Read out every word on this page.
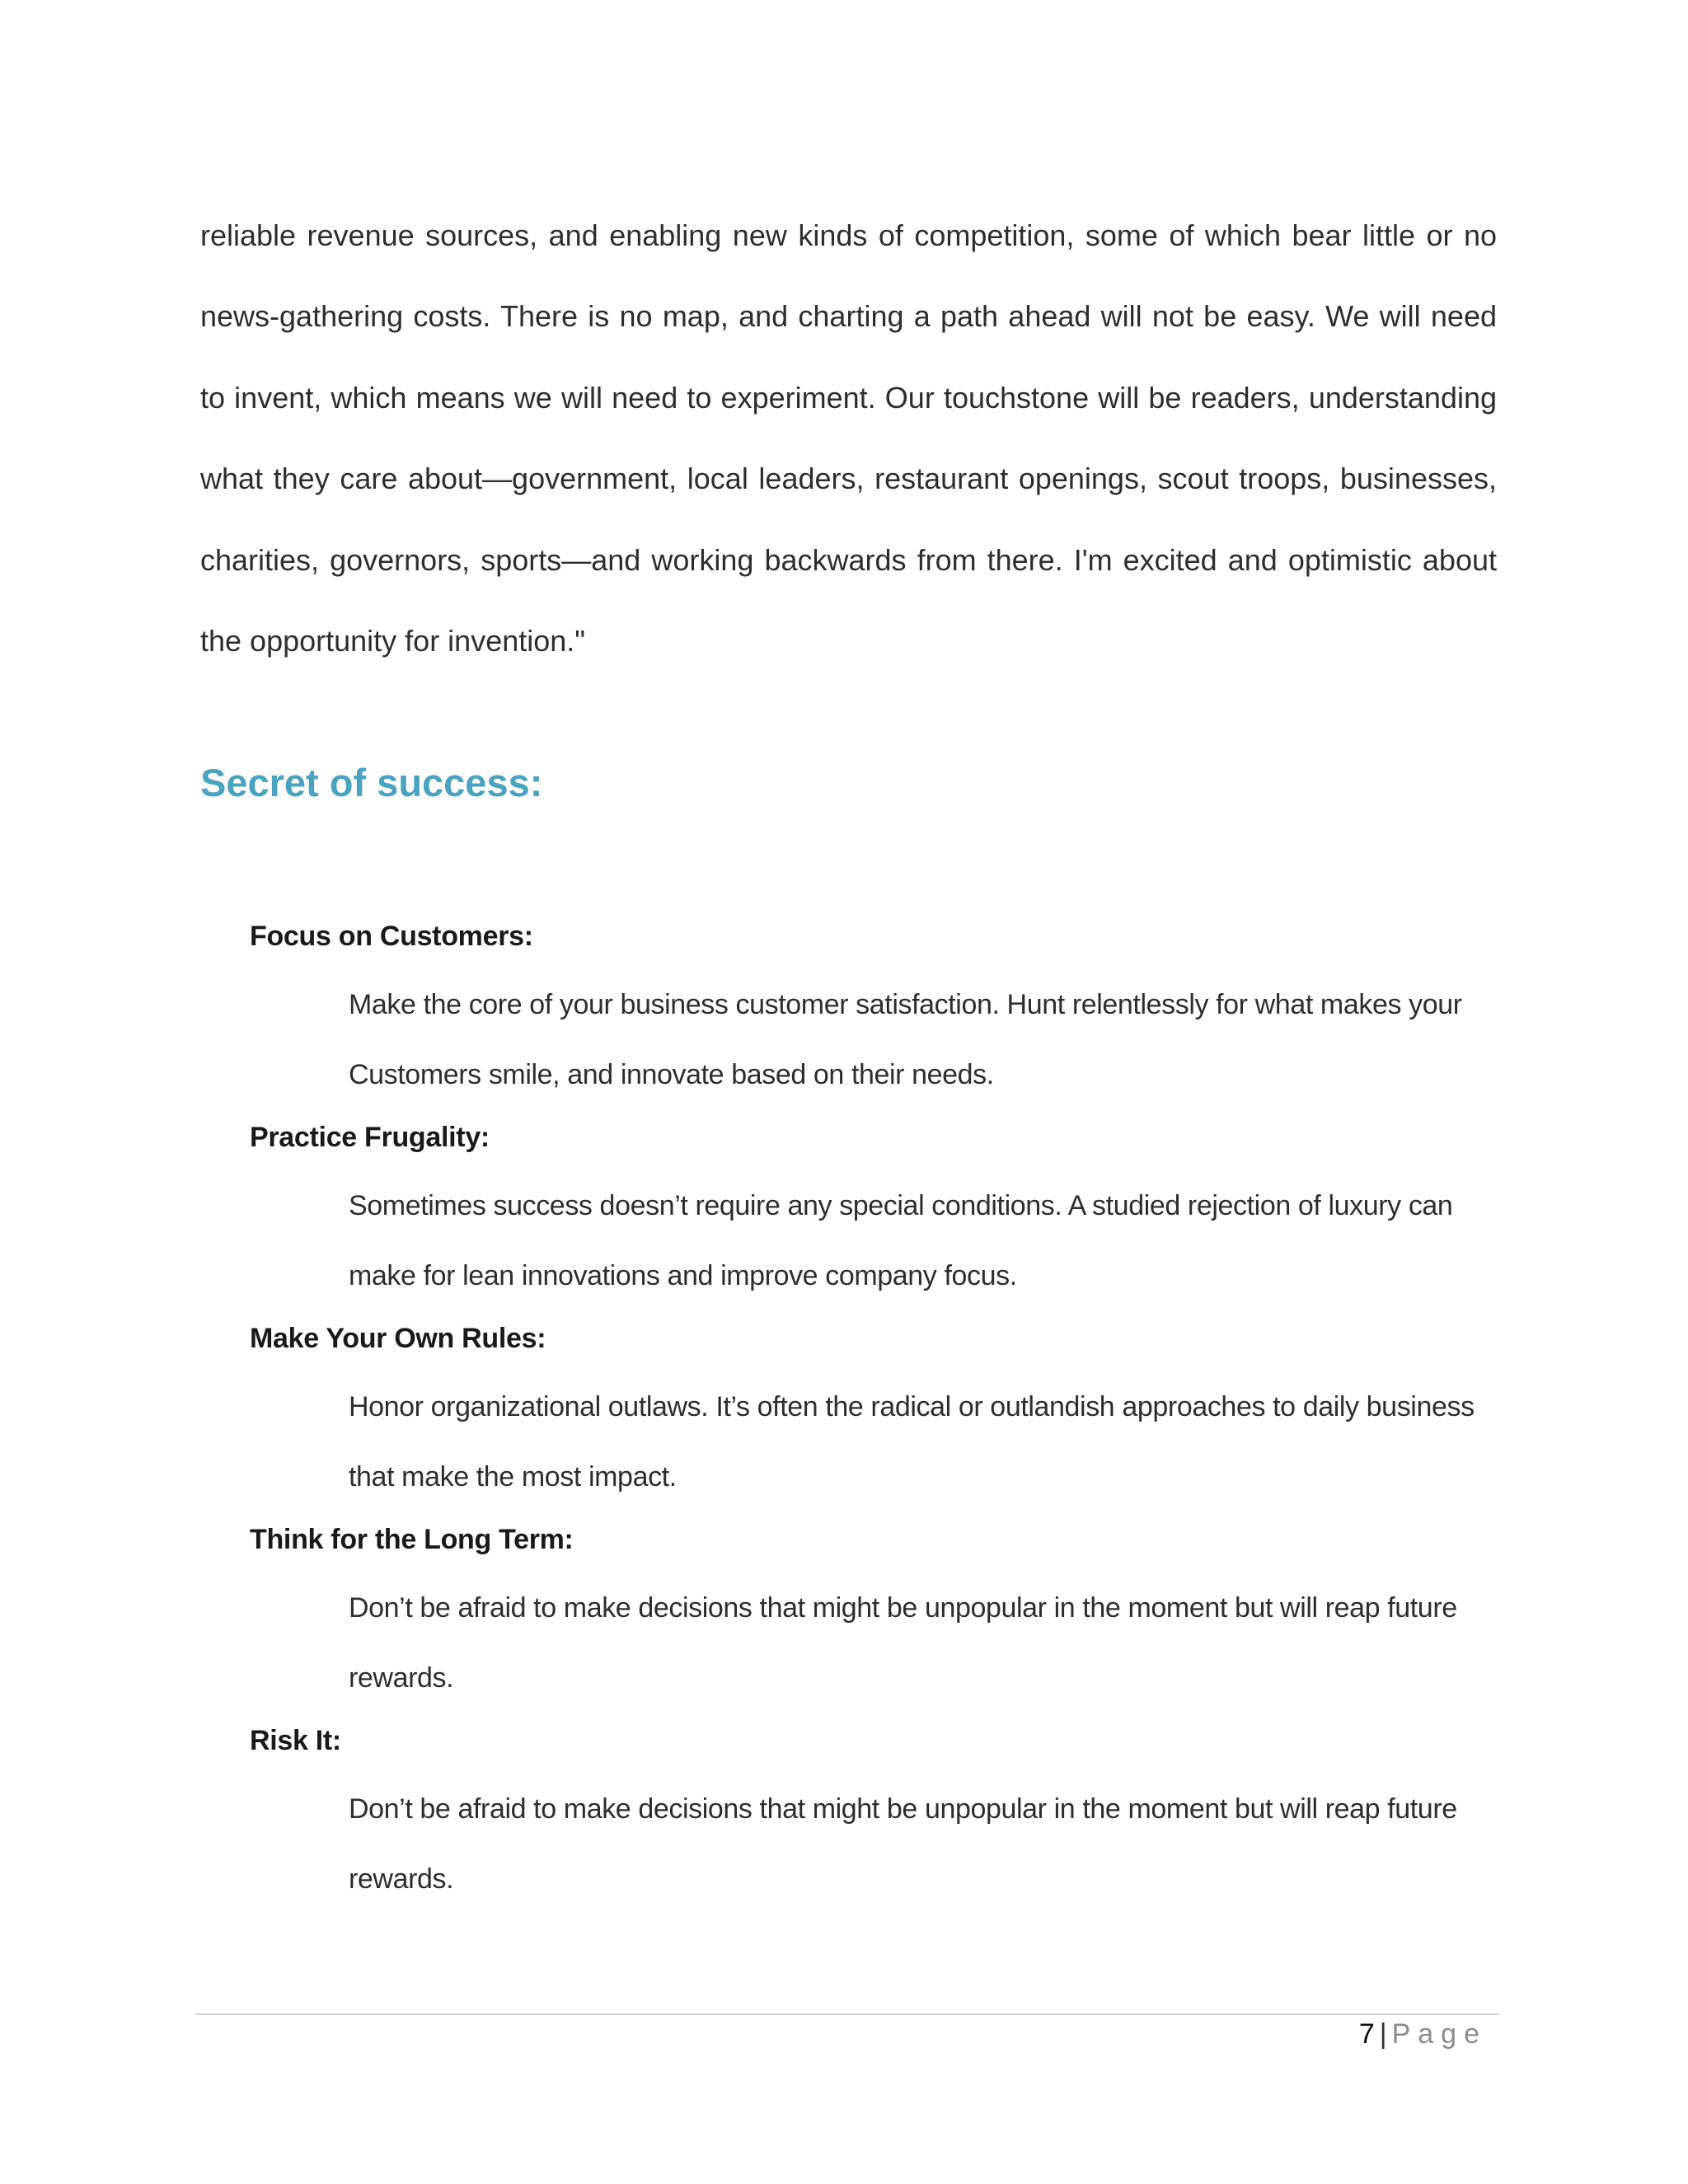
reliable revenue sources, and enabling new kinds of competition, some of which bear little or no news-gathering costs. There is no map, and charting a path ahead will not be easy. We will need to invent, which means we will need to experiment. Our touchstone will be readers, understanding what they care about—government, local leaders, restaurant openings, scout troops, businesses, charities, governors, sports—and working backwards from there. I'm excited and optimistic about the opportunity for invention."

Secret of success:
Focus on Customers:
Make the core of your business customer satisfaction. Hunt relentlessly for what makes your Customers smile, and innovate based on their needs.
Practice Frugality:
Sometimes success doesn’t require any special conditions. A studied rejection of luxury can make for lean innovations and improve company focus.
Make Your Own Rules:
Honor organizational outlaws. It’s often the radical or outlandish approaches to daily business that make the most impact.
Think for the Long Term:
Don’t be afraid to make decisions that might be unpopular in the moment but will reap future rewards.
Risk It:
Don’t be afraid to make decisions that might be unpopular in the moment but will reap future rewards.
7 | Page
